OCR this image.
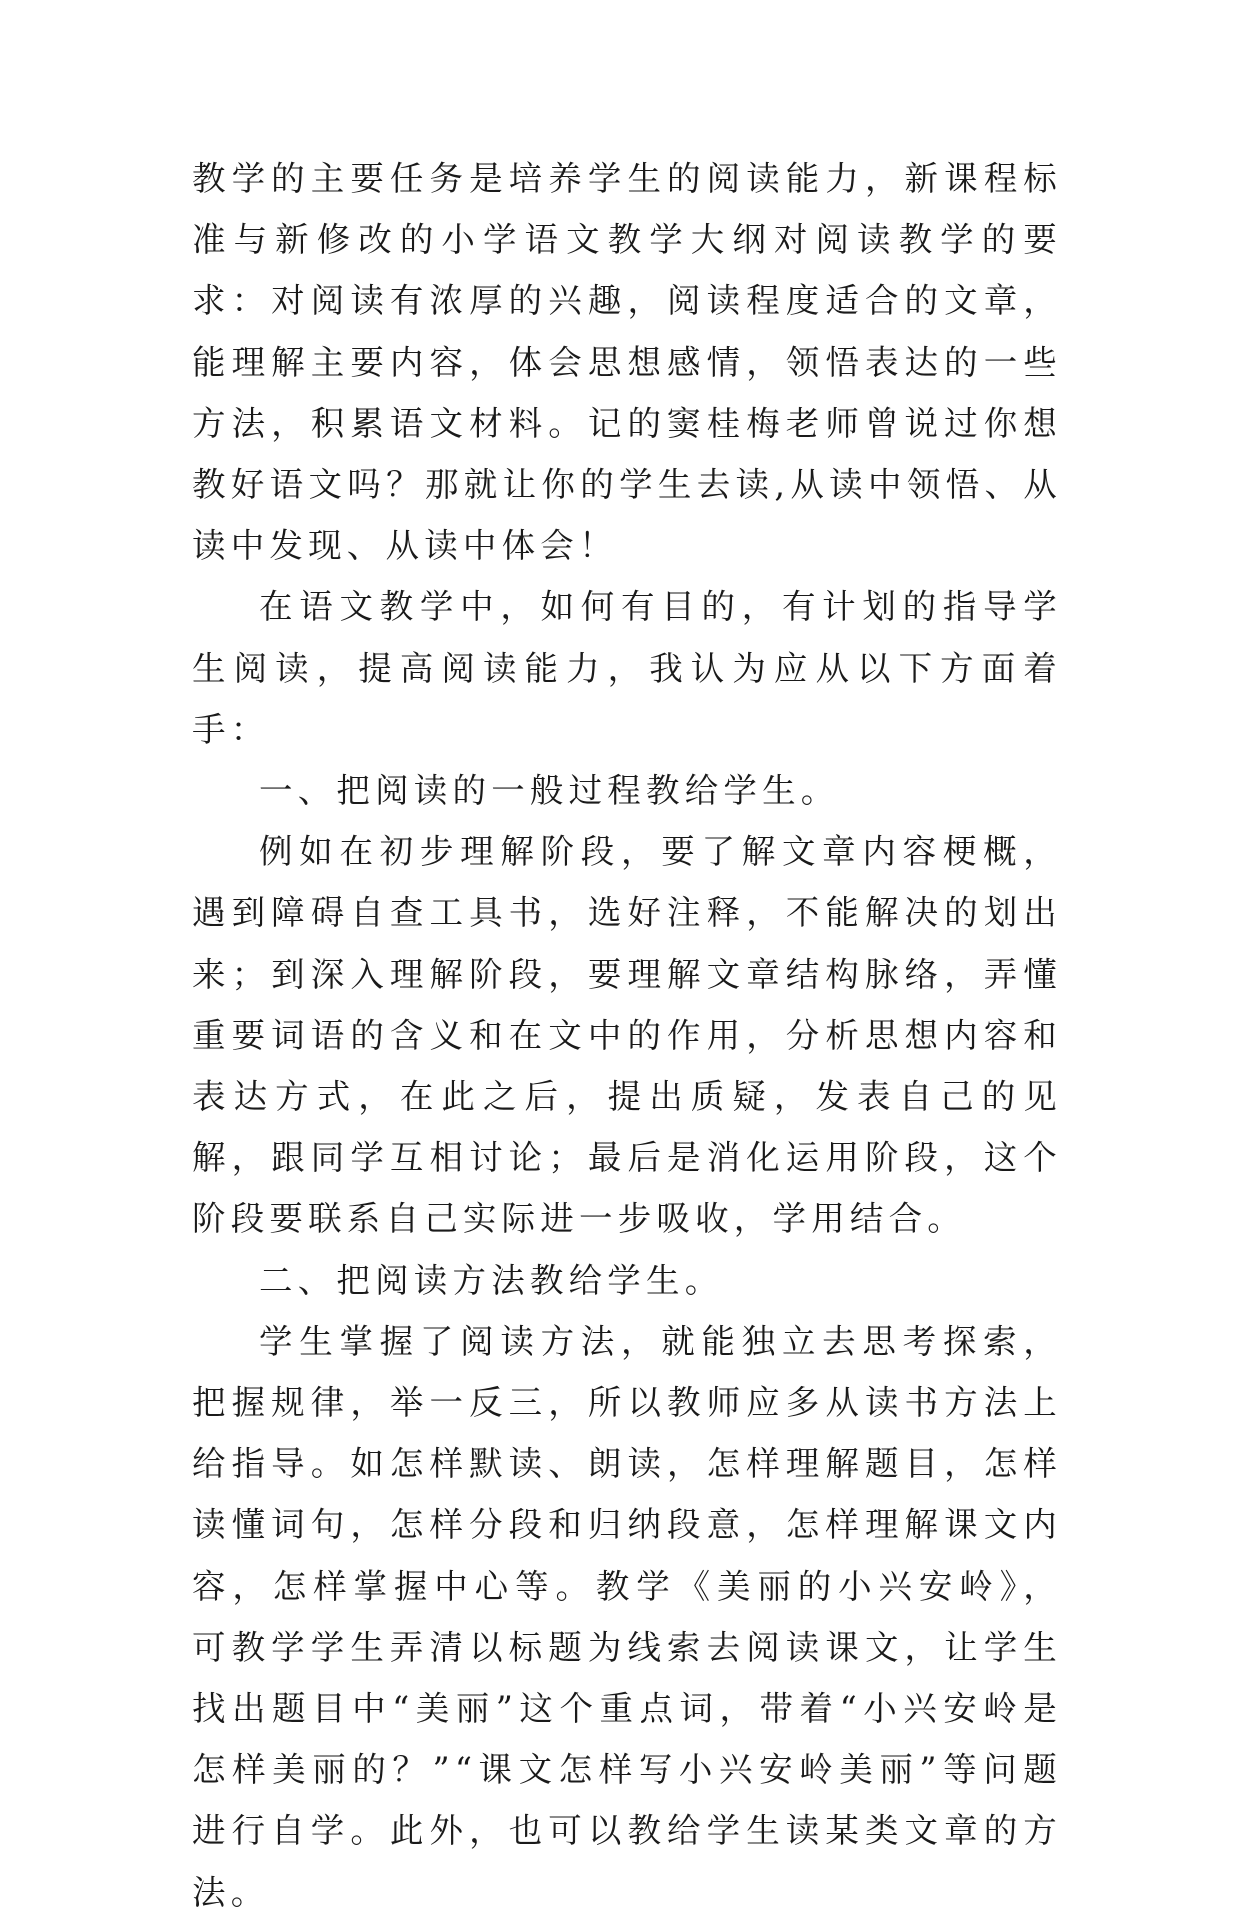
教学的主要任务是培养学生的阅读能力，新课程标准与新修改的小学语文教学大纲对阅读教学的要求：对阅读有浓厚的兴趣，阅读程度适合的文章，能理解主要内容，体会思想感情，领悟表达的一些方法，积累语文材料。记的窦桂梅老师曾说过你想教好语文吗？那就让你的学生去读,从读中领悟、从读中发现、从读中体会！

在语文教学中，如何有目的，有计划的指导学生阅读，提高阅读能力，我认为应从以下方面着手：

一、把阅读的一般过程教给学生。

例如在初步理解阶段，要了解文章内容梗概，遇到障碍自查工具书，选好注释，不能解决的划出来；到深入理解阶段，要理解文章结构脉络，弄懂重要词语的含义和在文中的作用，分析思想内容和表达方式，在此之后，提出质疑，发表自己的见解，跟同学互相讨论；最后是消化运用阶段，这个阶段要联系自己实际进一步吸收，学用结合。

二、把阅读方法教给学生。

学生掌握了阅读方法，就能独立去思考探索，把握规律，举一反三，所以教师应多从读书方法上给指导。如怎样默读、朗读，怎样理解题目，怎样读懂词句，怎样分段和归纳段意，怎样理解课文内容，怎样掌握中心等。教学《美丽的小兴安岭》，可教学学生弄清以标题为线索去阅读课文，让学生找出题目中“美丽”这个重点词，带着“小兴安岭是怎样美丽的？”“课文怎样写小兴安岭美丽”等问题进行自学。此外，也可以教给学生读某类文章的方法。
